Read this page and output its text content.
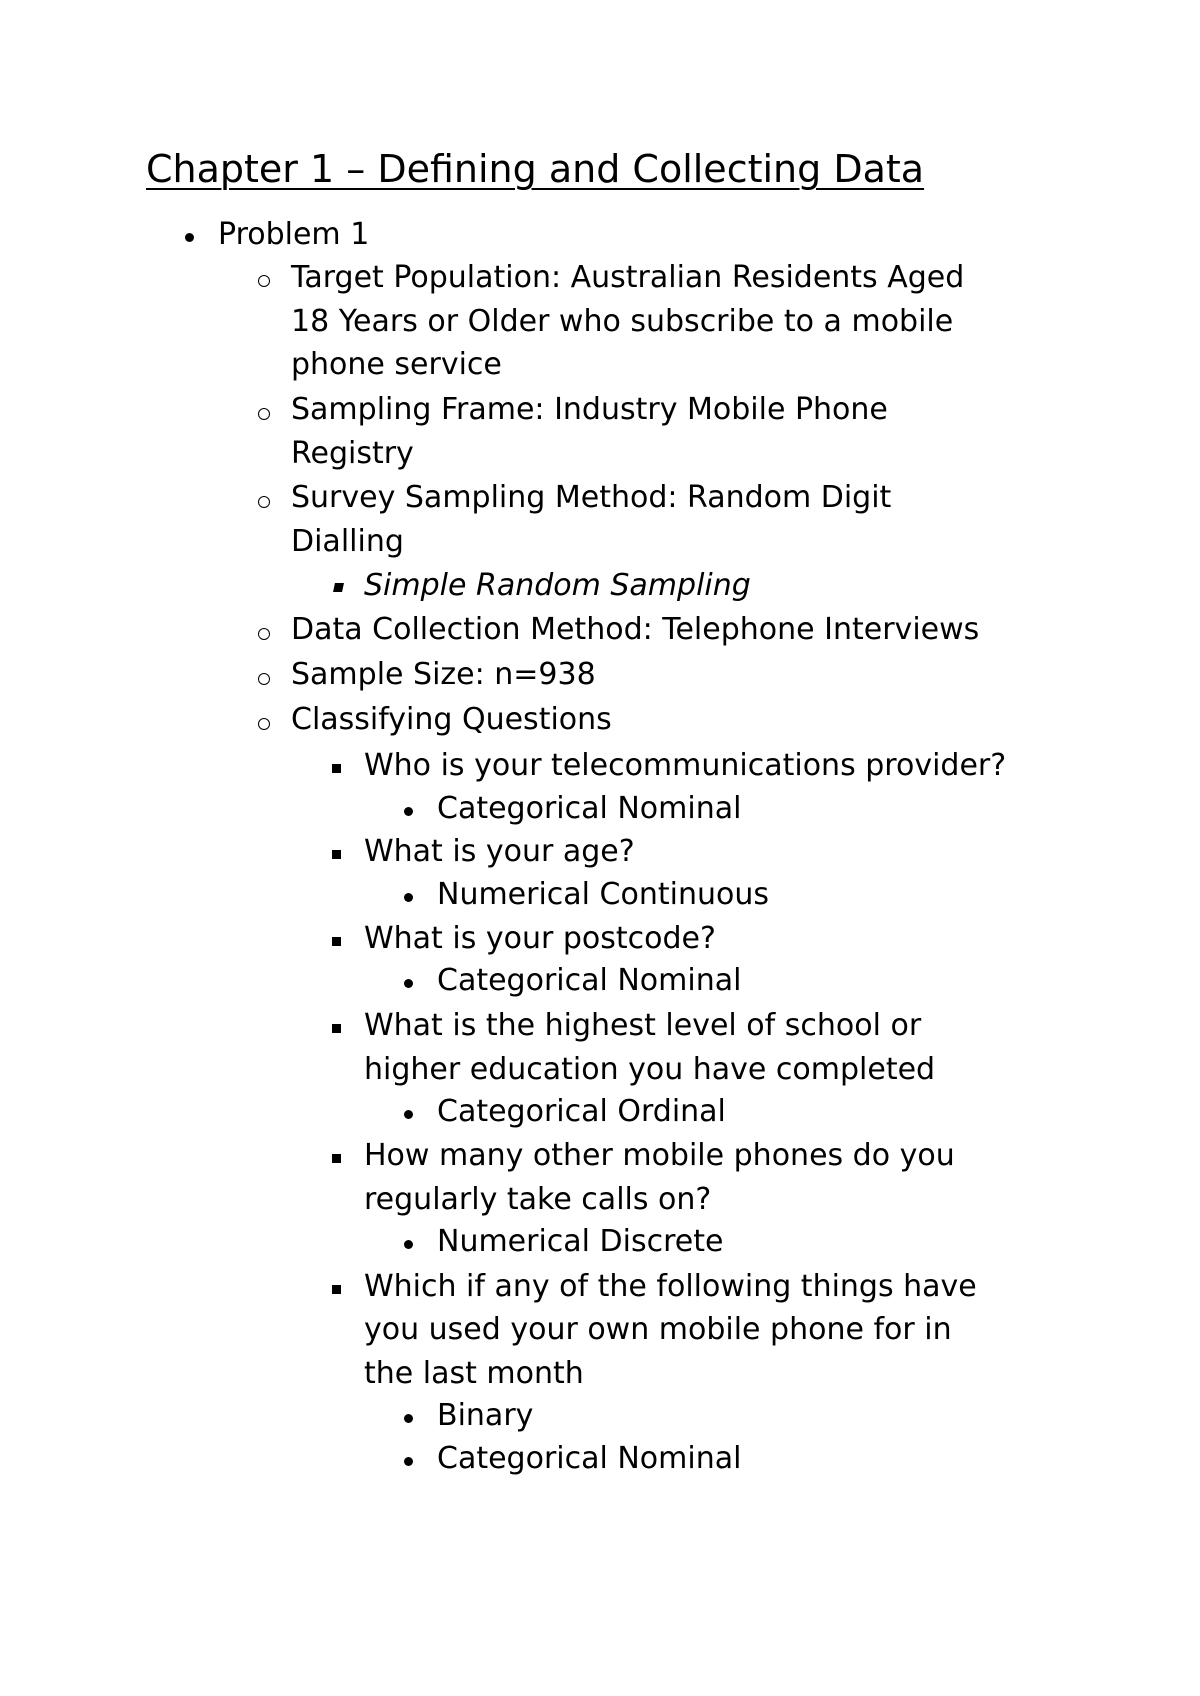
Chapter 1 – Defining and Collecting Data
Problem 1
Target Population: Australian Residents Aged
18 Years or Older who subscribe to a mobile
phone service
Sampling Frame: Industry Mobile Phone
Registry
Survey Sampling Method: Random Digit
Dialling
Simple Random Sampling
Data Collection Method: Telephone Interviews
Sample Size: n=938
Classifying Questions
Who is your telecommunications provider?
Categorical Nominal
What is your age?
Numerical Continuous
What is your postcode?
Categorical Nominal
What is the highest level of school or
higher education you have completed
Categorical Ordinal
How many other mobile phones do you
regularly take calls on?
Numerical Discrete
Which if any of the following things have
you used your own mobile phone for in
the last month
Binary
Categorical Nominal
